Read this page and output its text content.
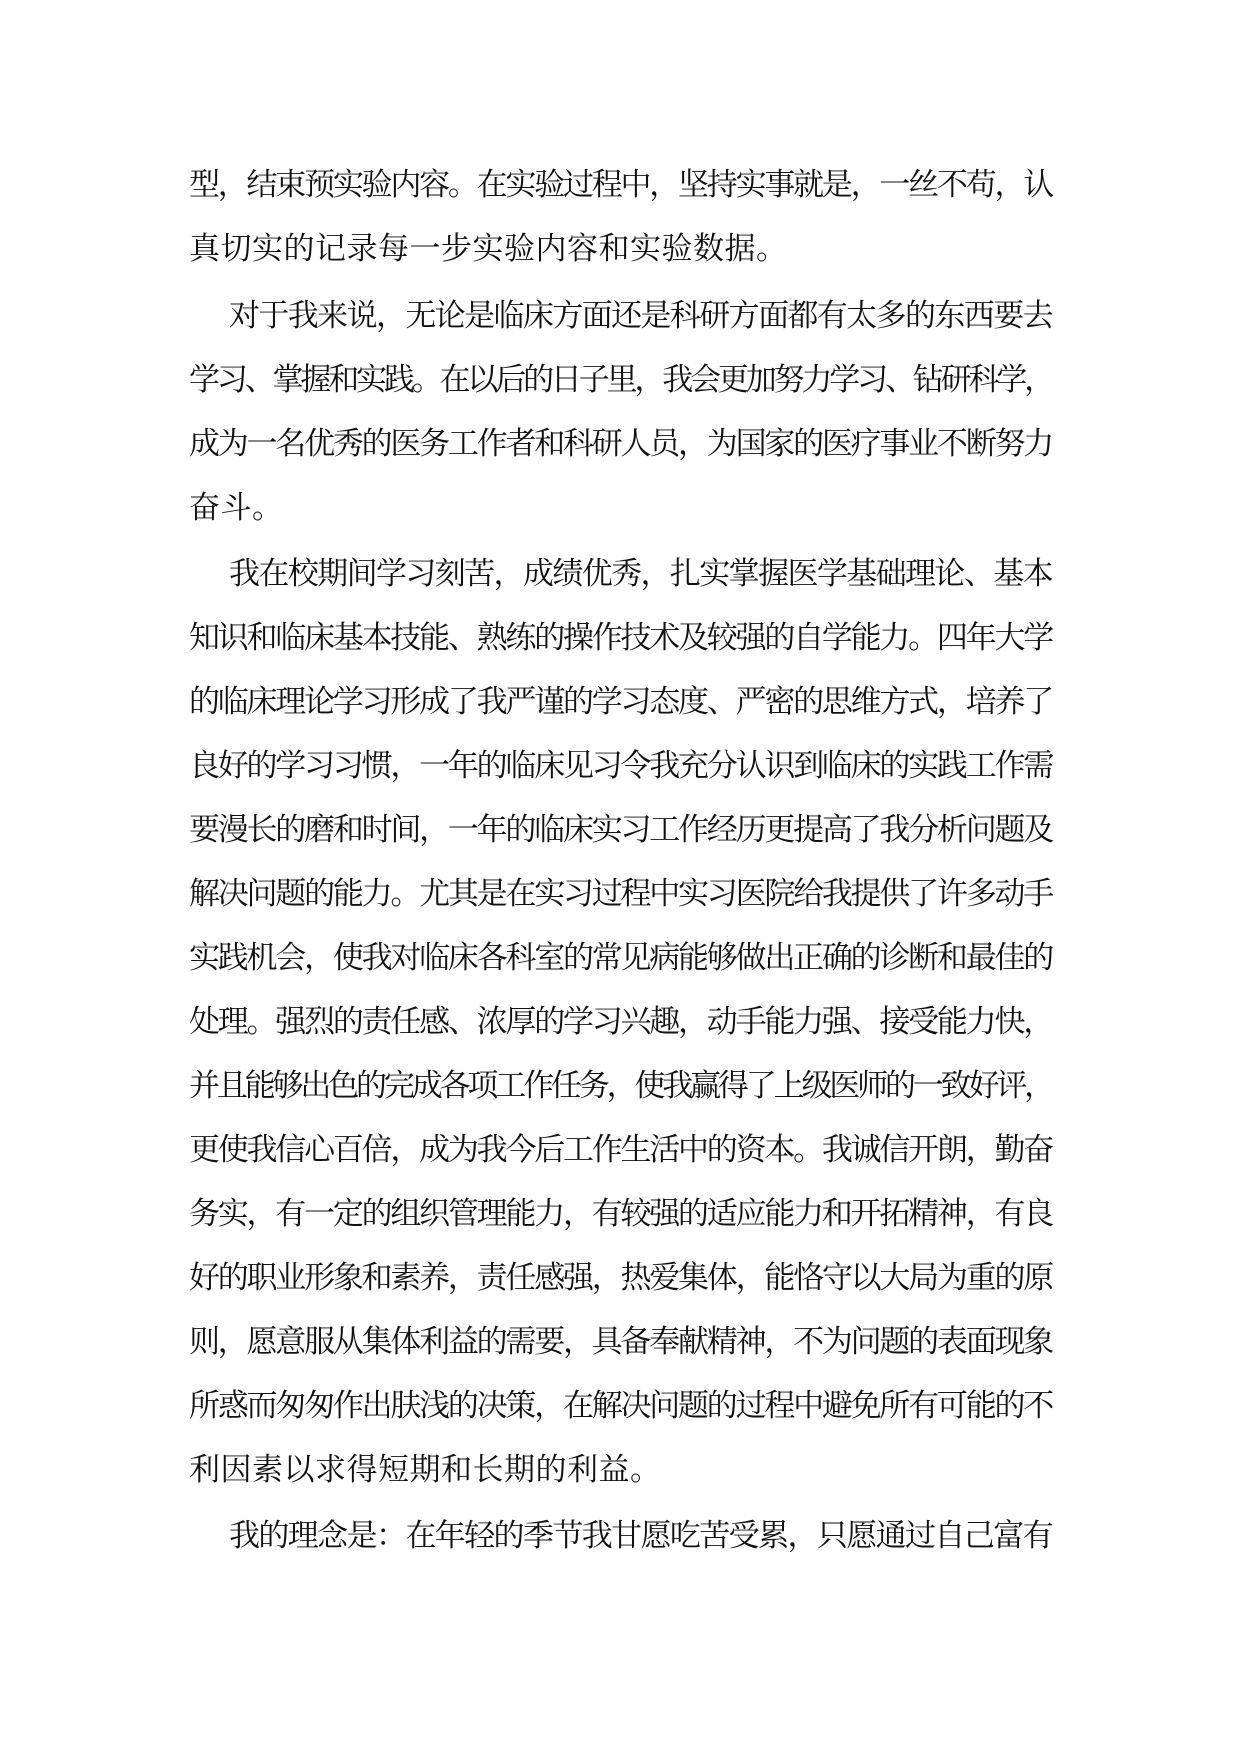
型，结束预实验内容。在实验过程中，坚持实事就是，一丝不苟，认
真切实的记录每一步实验内容和实验数据。
对于我来说，无论是临床方面还是科研方面都有太多的东西要去
学习、掌握和实践。在以后的日子里，我会更加努力学习、钻研科学，
成为一名优秀的医务工作者和科研人员，为国家的医疗事业不断努力
奋斗。
我在校期间学习刻苦，成绩优秀，扎实掌握医学基础理论、基本
知识和临床基本技能、熟练的操作技术及较强的自学能力。四年大学
的临床理论学习形成了我严谨的学习态度、严密的思维方式，培养了
良好的学习习惯，一年的临床见习令我充分认识到临床的实践工作需
要漫长的磨和时间，一年的临床实习工作经历更提高了我分析问题及
解决问题的能力。尤其是在实习过程中实习医院给我提供了许多动手
实践机会，使我对临床各科室的常见病能够做出正确的诊断和最佳的
处理。强烈的责任感、浓厚的学习兴趣，动手能力强、接受能力快，
并且能够出色的完成各项工作任务，使我赢得了上级医师的一致好评，
更使我信心百倍，成为我今后工作生活中的资本。我诚信开朗，勤奋
务实，有一定的组织管理能力，有较强的适应能力和开拓精神，有良
好的职业形象和素养，责任感强，热爱集体，能恪守以大局为重的原
则，愿意服从集体利益的需要，具备奉献精神，不为问题的表面现象
所惑而匆匆作出肤浅的决策，在解决问题的过程中避免所有可能的不
利因素以求得短期和长期的利益。
我的理念是：在年轻的季节我甘愿吃苦受累，只愿通过自己富有
